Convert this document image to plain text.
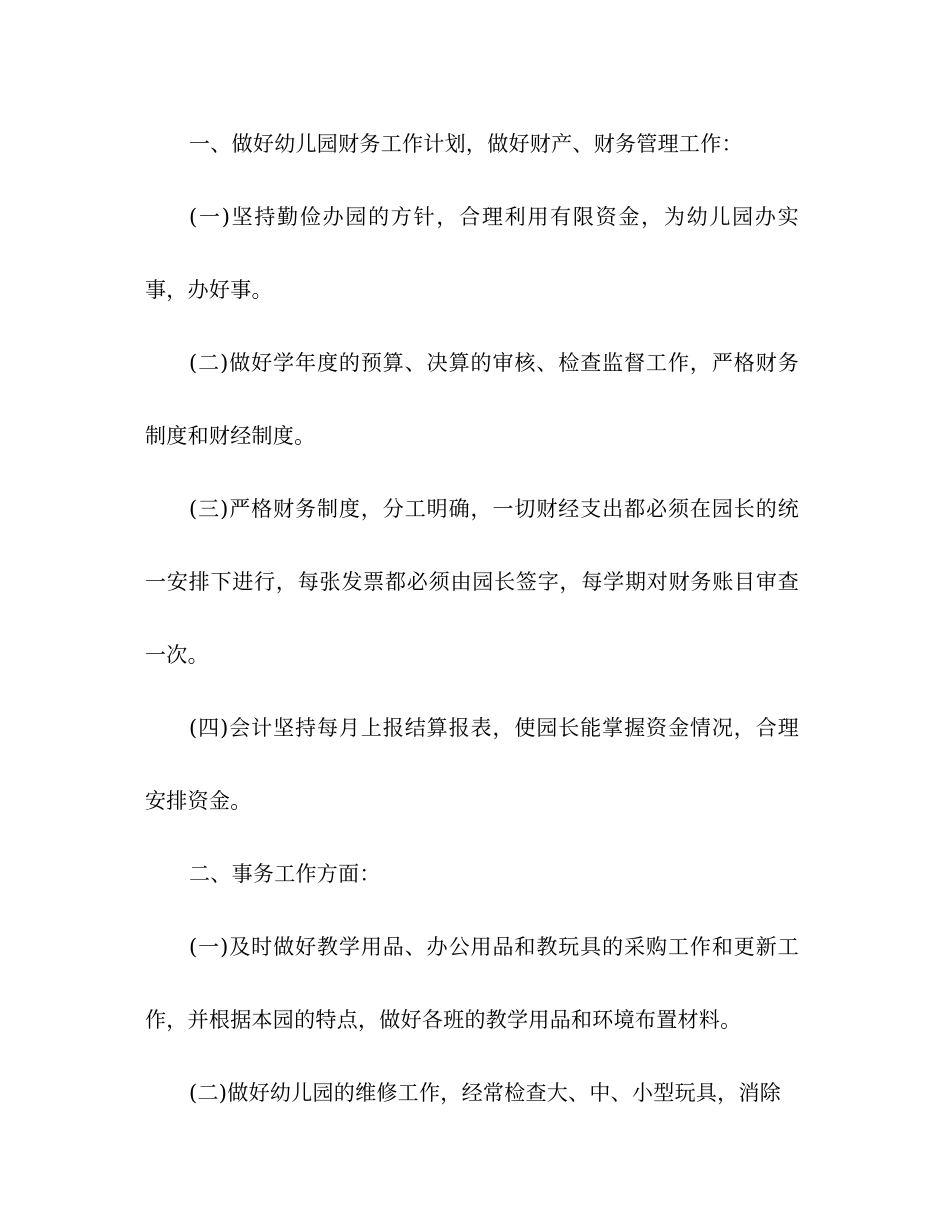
一、做好幼儿园财务工作计划，做好财产、财务管理工作：

(一)坚持勤俭办园的方针，合理利用有限资金，为幼儿园办实事，办好事。

(二)做好学年度的预算、决算的审核、检查监督工作，严格财务制度和财经制度。

(三)严格财务制度，分工明确，一切财经支出都必须在园长的统一安排下进行，每张发票都必须由园长签字，每学期对财务账目审查一次。

(四)会计坚持每月上报结算报表，使园长能掌握资金情况，合理安排资金。

二、事务工作方面：

(一)及时做好教学用品、办公用品和教玩具的采购工作和更新工作，并根据本园的特点，做好各班的教学用品和环境布置材料。

(二)做好幼儿园的维修工作，经常检查大、中、小型玩具，消除
